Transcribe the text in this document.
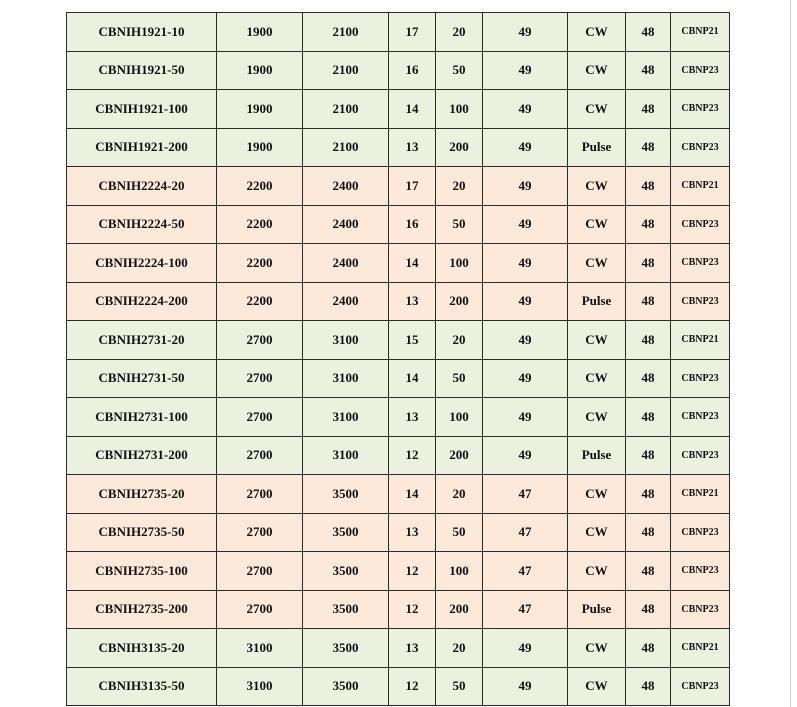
CBNIH1921-10	1900	2100	17	20	49	CW	48	CBNP21
CBNIH1921-50	1900	2100	16	50	49	CW	48	CBNP23
CBNIH1921-100	1900	2100	14	100	49	CW	48	CBNP23
CBNIH1921-200	1900	2100	13	200	49	Pulse	48	CBNP23
CBNIH2224-20	2200	2400	17	20	49	CW	48	CBNP21
CBNIH2224-50	2200	2400	16	50	49	CW	48	CBNP23
CBNIH2224-100	2200	2400	14	100	49	CW	48	CBNP23
CBNIH2224-200	2200	2400	13	200	49	Pulse	48	CBNP23
CBNIH2731-20	2700	3100	15	20	49	CW	48	CBNP21
CBNIH2731-50	2700	3100	14	50	49	CW	48	CBNP23
CBNIH2731-100	2700	3100	13	100	49	CW	48	CBNP23
CBNIH2731-200	2700	3100	12	200	49	Pulse	48	CBNP23
CBNIH2735-20	2700	3500	14	20	47	CW	48	CBNP21
CBNIH2735-50	2700	3500	13	50	47	CW	48	CBNP23
CBNIH2735-100	2700	3500	12	100	47	CW	48	CBNP23
CBNIH2735-200	2700	3500	12	200	47	Pulse	48	CBNP23
CBNIH3135-20	3100	3500	13	20	49	CW	48	CBNP21
CBNIH3135-50	3100	3500	12	50	49	CW	48	CBNP23
